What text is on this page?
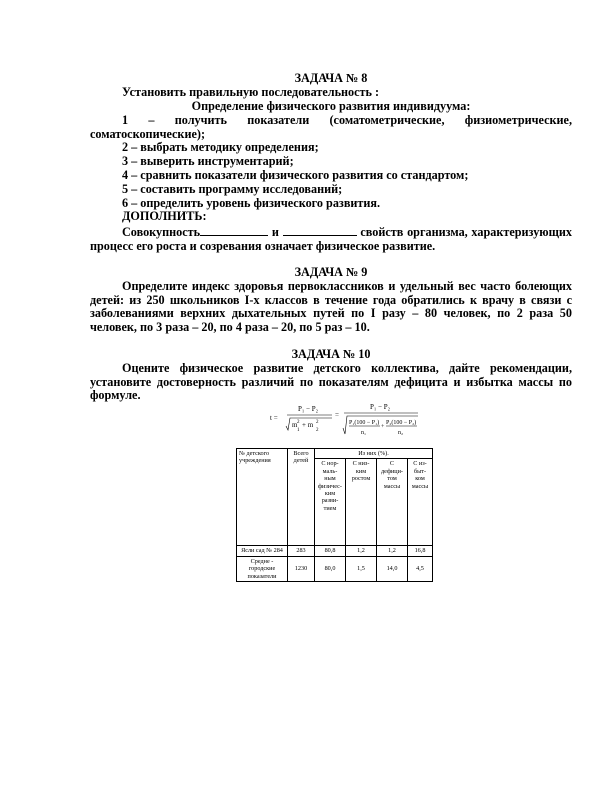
ЗАДАЧА № 8
Установить правильную последовательность :
Определение физического развития индивидуума:
1 – получить показатели (соматометрические, физиометрические, соматоскопические);
2 – выбрать методику определения;
3 – выверить инструментарий;
4 – сравнить показатели физического развития со стандартом;
5 – составить программу исследований;
6 – определить уровень физического развития.
ДОПОЛНИТЬ:
Совокупность	и	свойств организма, характеризующих процесс его роста и созревания означает физическое развитие.
ЗАДАЧА № 9
Определите индекс здоровья первоклассников и удельный вес часто болеющих детей: из 250 школьников I-х классов в течение года обратились к врачу в связи с заболеваниями верхних дыхательных путей по I разу – 80 человек, по 2 раза 50 человек, по 3 раза – 20, по 4 раза – 20, по 5 раз – 10.
ЗАДАЧА № 10
Оцените физическое развитие детского коллектива, дайте рекомендации, установите достоверность различий по показателям дефицита и избытка массы по формуле.
t =
P₁ − P₂
m 2
1
+ m 2
2
=
P₁ − P₂
P₁(100 − P₁)
n₁
+
P₂(100 − P₂)
n₂
№ детского учреждения	Всего детей	Из них (%).			
		С нор-маль-ным физичес-ким разви-тием	С низ-ким ростом	С дефици-том массы	С из-быт-ком массы
Ясли сад № 284	283	80,8	1,2	1,2	16,8
Средне - городские показатели	1230	80,0	1,5	14,0	4,5
